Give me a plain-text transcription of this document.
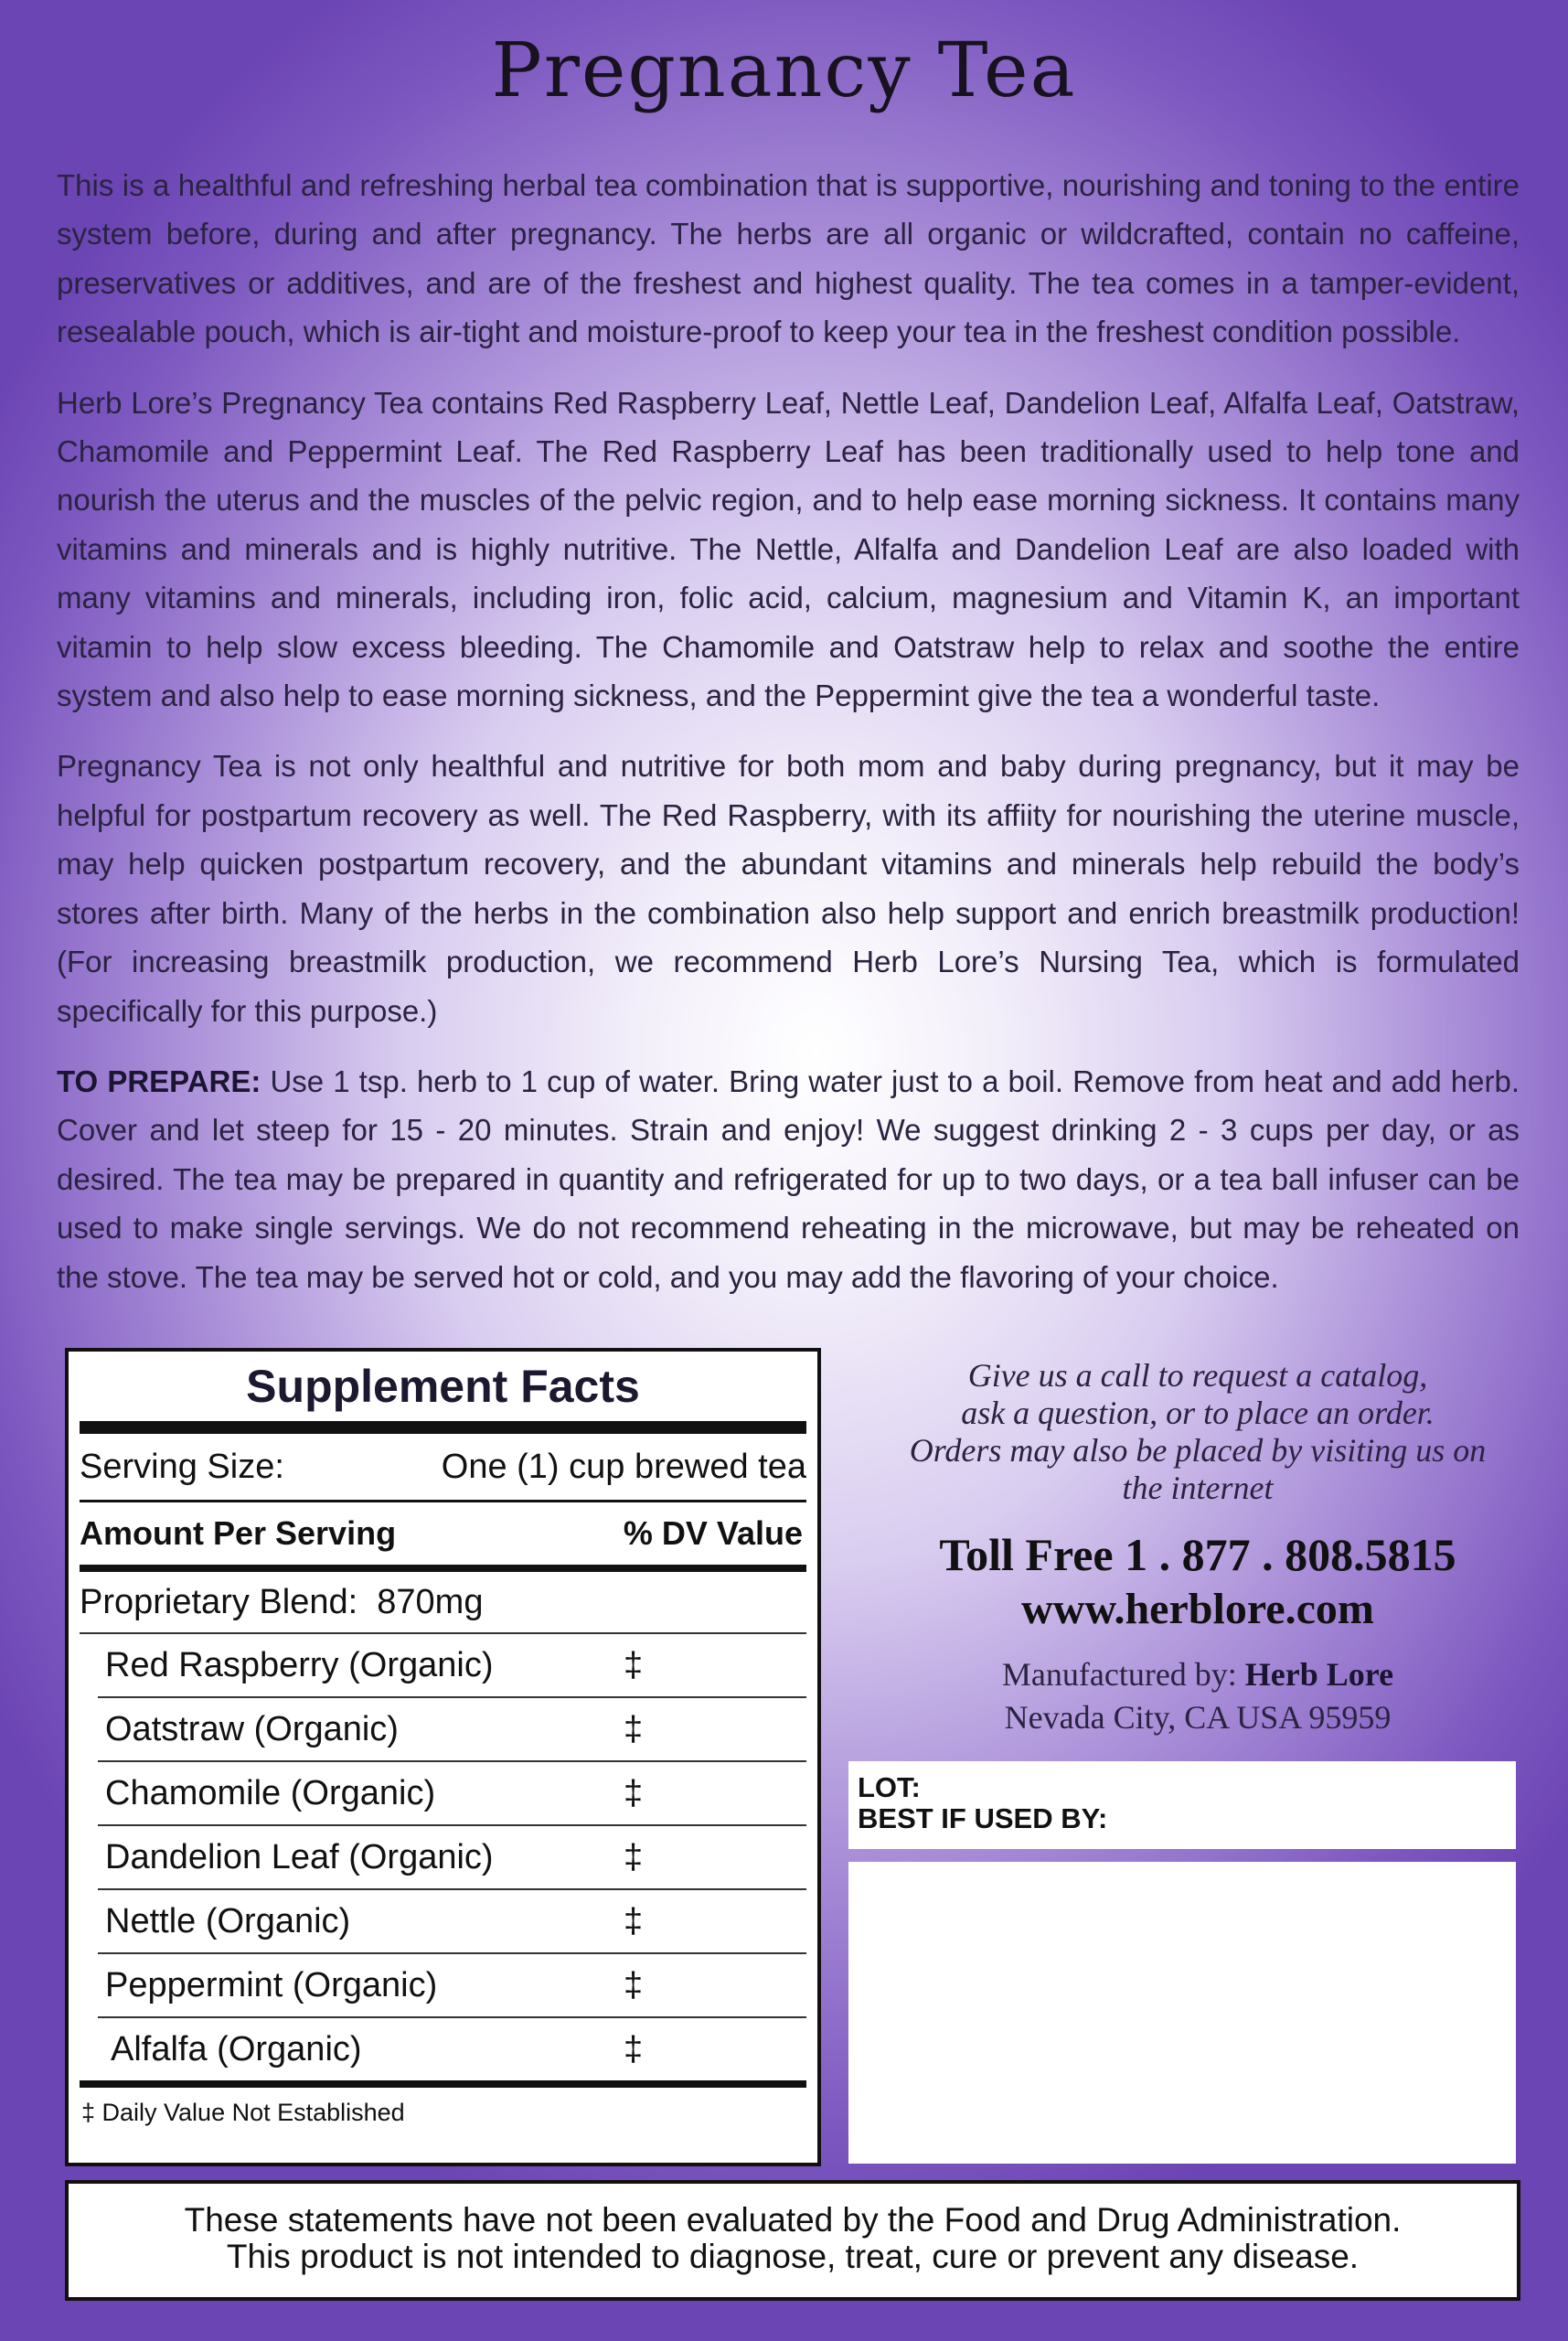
Pregnancy Tea

This is a healthful and refreshing herbal tea combination that is supportive, nourishing and toning to the entire system before, during and after pregnancy. The herbs are all organic or wildcrafted, contain no caffeine, preservatives or additives, and are of the freshest and highest quality. The tea comes in a tamper-evident, resealable pouch, which is air-tight and moisture-proof to keep your tea in the freshest condition possible.

Herb Lore’s Pregnancy Tea contains Red Raspberry Leaf, Nettle Leaf, Dandelion Leaf, Alfalfa Leaf, Oatstraw, Chamomile and Peppermint Leaf. The Red Raspberry Leaf has been traditionally used to help tone and nourish the uterus and the muscles of the pelvic region, and to help ease morning sickness. It contains many vitamins and minerals and is highly nutritive. The Nettle, Alfalfa and Dandelion Leaf are also loaded with many vitamins and minerals, including iron, folic acid, calcium, magnesium and Vitamin K, an important vitamin to help slow excess bleeding. The Chamomile and Oatstraw help to relax and soothe the entire system and also help to ease morning sickness, and the Peppermint give the tea a wonderful taste.

Pregnancy Tea is not only healthful and nutritive for both mom and baby during pregnancy, but it may be helpful for postpartum recovery as well. The Red Raspberry, with its affiity for nourishing the uterine muscle, may help quicken postpartum recovery, and the abundant vitamins and minerals help rebuild the body’s stores after birth. Many of the herbs in the combination also help support and enrich breastmilk production! (For increasing breastmilk production, we recommend Herb Lore’s Nursing Tea, which is formulated specifically for this purpose.)

TO PREPARE: Use 1 tsp. herb to 1 cup of water. Bring water just to a boil. Remove from heat and add herb. Cover and let steep for 15 - 20 minutes. Strain and enjoy! We suggest drinking 2 - 3 cups per day, or as desired. The tea may be prepared in quantity and refrigerated for up to two days, or a tea ball infuser can be used to make single servings. We do not recommend reheating in the microwave, but may be reheated on the stove. The tea may be served hot or cold, and you may add the flavoring of your choice.

Supplement Facts
Serving Size:	One (1) cup brewed tea
Amount Per Serving	% DV Value
Proprietary Blend: 870mg
Red Raspberry (Organic)	‡
Oatstraw (Organic)	‡
Chamomile (Organic)	‡
Dandelion Leaf (Organic)	‡
Nettle (Organic)	‡
Peppermint (Organic)	‡
Alfalfa (Organic)	‡
‡ Daily Value Not Established
Give us a call to request a catalog,
ask a question, or to place an order.
Orders may also be placed by visiting us on
the internet
Toll Free 1 . 877 . 808.5815
www.herblore.com
Manufactured by: Herb Lore
Nevada City, CA USA 95959
LOT:
BEST IF USED BY:
These statements have not been evaluated by the Food and Drug Administration.
This product is not intended to diagnose, treat, cure or prevent any disease.
